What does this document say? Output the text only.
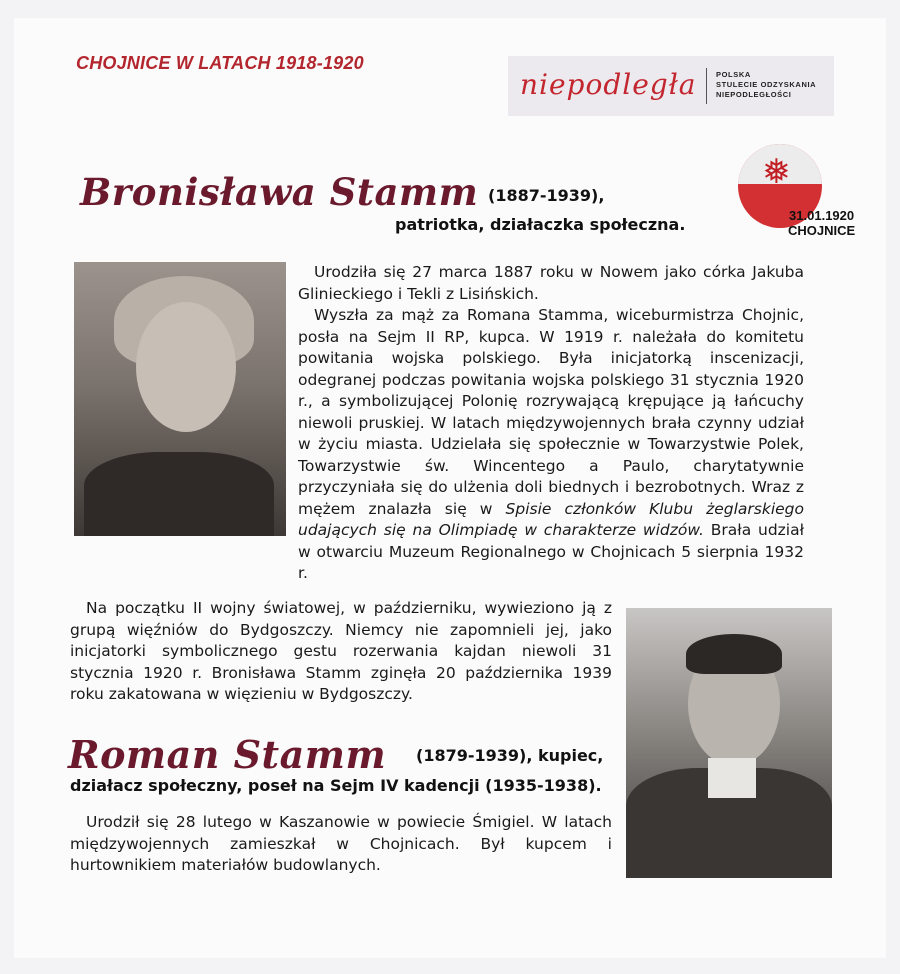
CHOJNICE W LATACH 1918-1920
niepodległa	POLSKA
STULECIE ODZYSKANIA
NIEPODLEGŁOŚCI
❅
31.01.1920
CHOJNICE
Bronisława Stamm (1887-1939),
patriotka, działaczka społeczna.
Urodziła się 27 marca 1887 roku w Nowem jako córka Jakuba Glinieckiego i Tekli z Lisińskich.
Wyszła za mąż za Romana Stamma, wiceburmistrza Chojnic, posła na Sejm II RP, kupca. W 1919 r. należała do komitetu powitania wojska polskiego. Była inicjatorką inscenizacji, odegranej podczas powitania wojska polskiego 31 stycznia 1920 r., a symbolizującej Polonię rozrywającą krępujące ją łańcuchy niewoli pruskiej. W latach międzywojennych brała czynny udział w życiu miasta. Udzielała się społecznie w Towarzystwie Polek, Towarzystwie św. Wincentego a Paulo, charytatywnie przyczyniała się do ulżenia doli biednych i bezrobotnych. Wraz z mężem znalazła się w Spisie członków Klubu żeglarskiego udających się na Olimpiadę w charakterze widzów. Brała udział w otwarciu Muzeum Regionalnego w Chojnicach 5 sierpnia 1932 r.
Na początku II wojny światowej, w październiku, wywieziono ją z grupą więźniów do Bydgoszczy. Niemcy nie zapomnieli jej, jako inicjatorki symbolicznego gestu rozerwania kajdan niewoli 31 stycznia 1920 r. Bronisława Stamm zginęła 20 października 1939 roku zakatowana w więzieniu w Bydgoszczy.
Roman Stamm (1879-1939), kupiec,
działacz społeczny, poseł na Sejm IV kadencji (1935-1938).
Urodził się 28 lutego w Kaszanowie w powiecie Śmigiel. W latach międzywojennych zamieszkał w Chojnicach. Był kupcem i hurtownikiem materiałów budowlanych.
